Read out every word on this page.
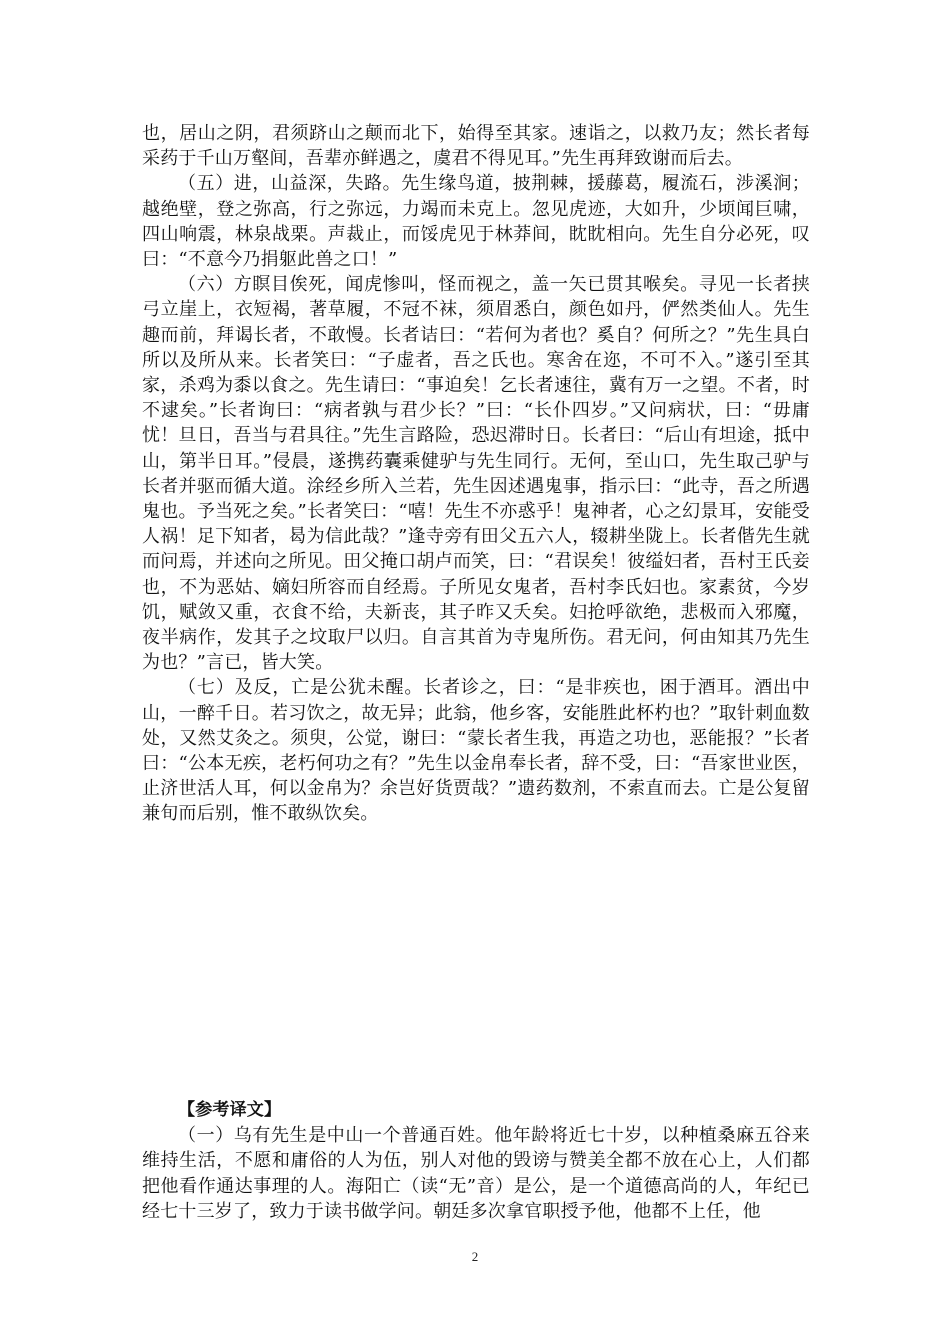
也，居山之阴，君须跻山之颠而北下，始得至其家。速诣之，以救乃友；然长者每采药于千山万壑间，吾辈亦鲜遇之，虞君不得见耳。”先生再拜致谢而后去。

（五）进，山益深，失路。先生缘鸟道，披荆棘，援藤葛，履流石，涉溪涧；越绝壁，登之弥高，行之弥远，力竭而未克上。忽见虎迹，大如升，少顷闻巨啸，四山响震，林泉战栗。声裁止，而馁虎见于林莽间，眈眈相向。先生自分必死，叹曰：“不意今乃捐躯此兽之口！”

（六）方瞑目俟死，闻虎惨叫，怪而视之，盖一矢已贯其喉矣。寻见一长者挟弓立崖上，衣短褐，著草履，不冠不袜，须眉悉白，颜色如丹，俨然类仙人。先生趣而前，拜谒长者，不敢慢。长者诘曰：“若何为者也？奚自？何所之？”先生具白所以及所从来。长者笑曰：“子虚者，吾之氏也。寒舍在迩，不可不入。”遂引至其家，杀鸡为黍以食之。先生请曰：“事迫矣！乞长者速往，冀有万一之望。不者，时不逮矣。”长者询曰：“病者孰与君少长？”曰：“长仆四岁。”又问病状，曰：“毋庸忧！旦日，吾当与君具往。”先生言路险，恐迟滞时日。长者曰：“后山有坦途，抵中山，第半日耳。”侵晨，遂携药囊乘健驴与先生同行。无何，至山口，先生取己驴与长者并驱而循大道。涂经乡所入兰若，先生因述遇鬼事，指示曰：“此寺，吾之所遇鬼也。予当死之矣。”长者笑曰：“嘻！先生不亦惑乎！鬼神者，心之幻景耳，安能受人祸！足下知者，曷为信此哉？”逢寺旁有田父五六人，辍耕坐陇上。长者偕先生就而问焉，并述向之所见。田父掩口胡卢而笑，曰：“君误矣！彼缢妇者，吾村王氏妾也，不为恶姑、嫡妇所容而自经焉。子所见女鬼者，吾村李氏妇也。家素贫，今岁饥，赋敛又重，衣食不给，夫新丧，其子昨又夭矣。妇抢呼欲绝，悲极而入邪魔，夜半病作，发其子之坟取尸以归。自言其首为寺鬼所伤。君无问，何由知其乃先生为也？”言已，皆大笑。

（七）及反，亡是公犹未醒。长者诊之，曰：“是非疾也，困于酒耳。酒出中山，一醉千日。若习饮之，故无异；此翁，他乡客，安能胜此杯杓也？”取针刺血数处，又然艾灸之。须臾，公觉，谢曰：“蒙长者生我，再造之功也，恶能报？”长者曰：“公本无疾，老朽何功之有？”先生以金帛奉长者，辞不受，曰：“吾家世业医，止济世活人耳，何以金帛为？余岂好货贾哉？”遗药数剂，不索直而去。亡是公复留兼旬而后别，惟不敢纵饮矣。

【参考译文】

（一）乌有先生是中山一个普通百姓。他年龄将近七十岁，以种植桑麻五谷来维持生活，不愿和庸俗的人为伍，别人对他的毁谤与赞美全都不放在心上，人们都把他看作通达事理的人。海阳亡（读“无”音）是公，是一个道德高尚的人，年纪已经七十三岁了，致力于读书做学问。朝廷多次拿官职授予他，他都不上任，他

2
